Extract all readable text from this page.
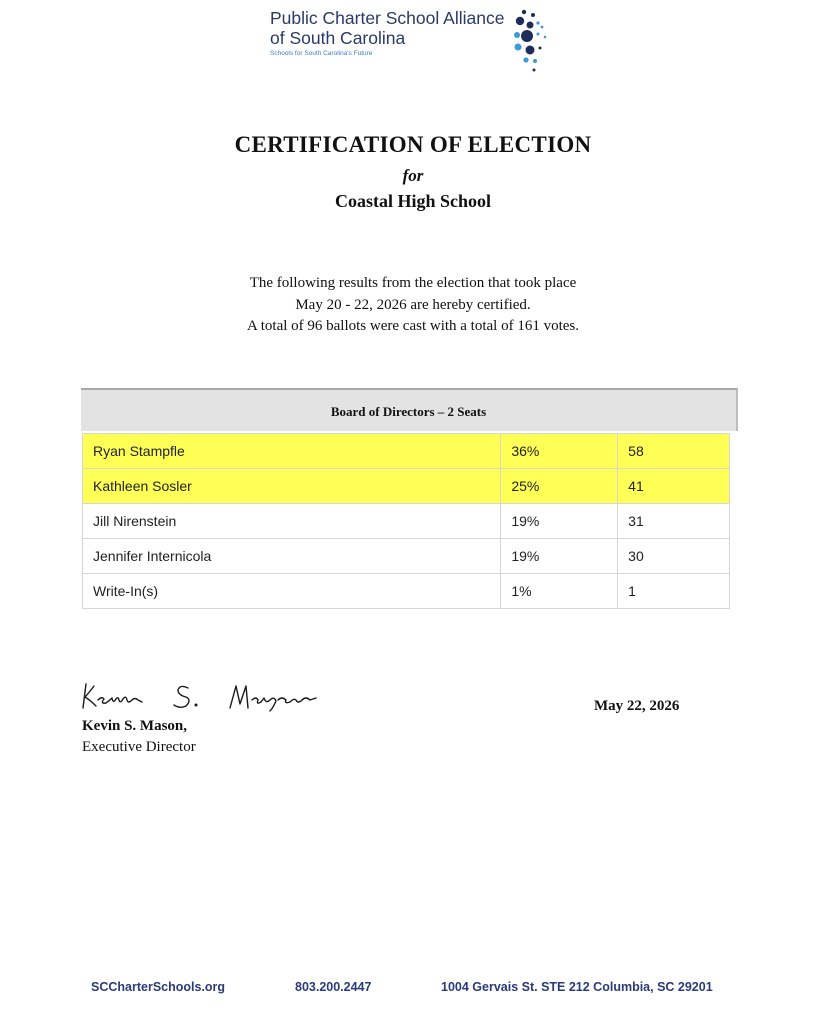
Public Charter School Alliance
of South Carolina
Schools for South Carolina's Future
CERTIFICATION OF ELECTION
for
Coastal High School
The following results from the election that took place
May 20 - 22, 2026 are hereby certified.
A total of 96 ballots were cast with a total of 161 votes.
Board of Directors – 2 Seats
Ryan Stampfle	36%	58
Kathleen Sosler	25%	41
Jill Nirenstein	19%	31
Jennifer Internicola	19%	30
Write-In(s)	1%	1
Kevin S. Mason,
Executive Director
May 22, 2026
SCCharterSchools.org	803.200.2447	1004 Gervais St. STE 212 Columbia, SC 29201
